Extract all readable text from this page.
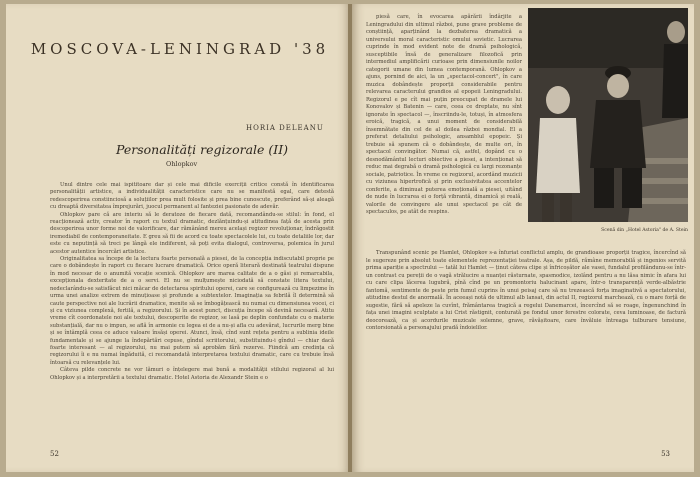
MOSCOVA-LENINGRAD '38
HORIA DELEANU
Personalități regizorale (II)
Ohlopkov

Unul dintre cele mai ispititoare dar și cele mai dificile exerciții critice constă în identificarea personalității artistice, a individualității caracteristice care nu se manifestă egal, care detestă redescoperirea constiinciosă a soluțiilor prea mult folosite și prea bine cunoscute, preferând să-și aleagă cu dreaptă diversitatea împrejurări, juocul permanent al fanteziei pasionate de adevăr.

Ohlopkov pare că are interiu să le deratoze de fiecare dată, recomandându-se stilul: în fond, el reacționează activ, creator în raport cu textul dramatic, dezlănțuindu-și atitudinea față de acesta prin descoperirea unor forme noi de valorificare, dar rămânând mereu același regizor revoluționar, îndrăgostit iremediabil de contemporaneitate. E greu să fii de acord cu toate spectacolele lui, cu toate detaliile lor, dar este cu neputință să treci pe lângă ele indiferent, să poți evita dialogul, controversa, polemica în jurul acestor autentice încercări artistice.

Originalitatea sa începe de la lectura foarte personală a piesei, de la concepția indiscutabil proprie pe care o dobândește în raport cu fiecare lucrare dramatică. Orice operă literară destinată teatrului dispune în mod necesar de o anumită vocație scenică. Ohlopkov are marea calitate de a o găsi și remarcabila, excepționala dexteritate de a o servi. El nu se mulțumește niciodată să constate litera textului, nedeclarându-se satisfăcut nici măcar de detectarea spiritului operei, care se configurează cu limpezime în urma unei analize extrem de minuțioase și profunde a subtextelor. Imaginația sa febrilă îl determină să caute perspective noi ale lucrării dramatice, menite să se îmbogățească nu numai cu dimensiunea vocei, ci și cu viziunea complexă, fertilă, a regizorului. Și în acest punct, discuția începe să devină necesară. Atitu vreme cît coordonatele noi ale textului, descoperite de regizor, se lasă pe deplin confundate cu o materie substanțială, dar nu o impun, se află în armonie cu legea ei de a nu-și afla cu adevărat, lucrurile merg bine și se întâmplă ceea ce aduce valoare însăși operei. Atunci, însă, cînd sunt rețeta pentru a sublinia ideile fundamentale și se ajunge la îndepărtări cepuse, gîndul scriitorului, substituindu-i gîndul — chiar dacă foarte interesant — al regizorului, nu mai putem să aprobăm fără rezerve. Fiindcă am credința că regizorului îi e nu numai îngăduită, ci recomandată interpretarea textului dramatic, care cu trebuie însă întoarsă cu relevanțele lui.

Câteva pilde concrete ne vor lămuri o înțelegere mai bună a modalității stilului regizoral al lui Ohlopkov și a interpretării a textului dramatic. Hotel Astoria de Alexandr Stein e o

52
Scenă din „Hotel Astoria" de A. Stein

piesă care, în evocarea apărării îndârjite a Leningradului din ultimul război, pune grave probleme de conștiință, aparținând la dezbaterea dramatică a universului moral caracteristic omului sovietic. Lucrarea cuprinde în mod evident note de dramă psihologică, susceptibile însă de generalizare filozofică prin intermediul amplificării curioase prin dimensiunile noilor categorii umane din lumea contemporană. Ohlopkov a ajuns, pornind de aici, la un „spectacol-concert", în care muzica dobândește proporții considerabile pentru relevarea caracterului grandios al epopeii Leningradului. Regizorul e pe cît mai puțin preocupat de dramele lui Konovalov și Batenin — care, ceea ce dreptate, nu sînt ignorate în spectacol —, înscriindu-le, totuși, în atmosfera eroică, tragică, a unui moment de considerabilă însemnătate din cel de al doilea război mondial. El a preferat detaliului psihologic, ansamblul epopeic. Și trebuie să spunem că o dobândește, de multe ori, în spectacol convingător. Numai că, astfel, dopând cu o desnodământul lecturi obiective a piesei, a intenționat să reduc mai degrabă o dramă psihologică cu largi rezonanțe sociale, patriotice. În vreme ce regizorul, acordând muzicii cu viziunea hipertrofică și prin exclusivitatea accentelor conferite, a diminuat puterea emoțională a piesei, uitând de nude în lucrarea ei o forță vibrantă, dinamică și reală, valorile de convingere ale unui spectacol pe cât de spectaculos, pe atât de respins.

Transpunând scenic pe Hamlet, Ohlopkov s-a înfuriat conflictul amplu, de grandioase proporții tragice, încercînd să le sugereze prin absolut toate elementele reprezentației teatrale. Așa, de pildă, rămâne memorabilă și ingenios servită prima apariție a spectrului — tatăl lui Hamlet — ținut câteva clipe și înfricoșător ale vasei, fundalul profilândunu-se într-un contrast cu pereții de o vagă strălucire a nuanței răsturnate, spasmodice, izolând pentru a nu lăsa nimic în afara lui cu care clipa lăcerea lugubră, pînă cînd pe un promontoriu halucinant apare, într-o transparență verde-albăstrie fantomă, sentimente de peste prin fumul cuprins în unui peisaj care să nu trezească forța imaginativă a spectatorului, atitudine destul de anormală. În aceeași notă de ultimul alb lansat, din actul II, regizorul marchează, cu o mare forță de sugestie, fără să apeleze la cuvînt, frământarea tragică a regelui Danemarcei, încercînd să se roage, îngenunchind în fața unei imagini sculptate a lui Crist răstignit, conturată pe fondul unor ferestre colorate, ceva luminoase, de factură deocorează, ca și acordurile muzicale solemne, grave, răvășitoare, care învăluie întreaga tulburare tensiune, contorsionată a personajului pradă îndoielilor.

53
